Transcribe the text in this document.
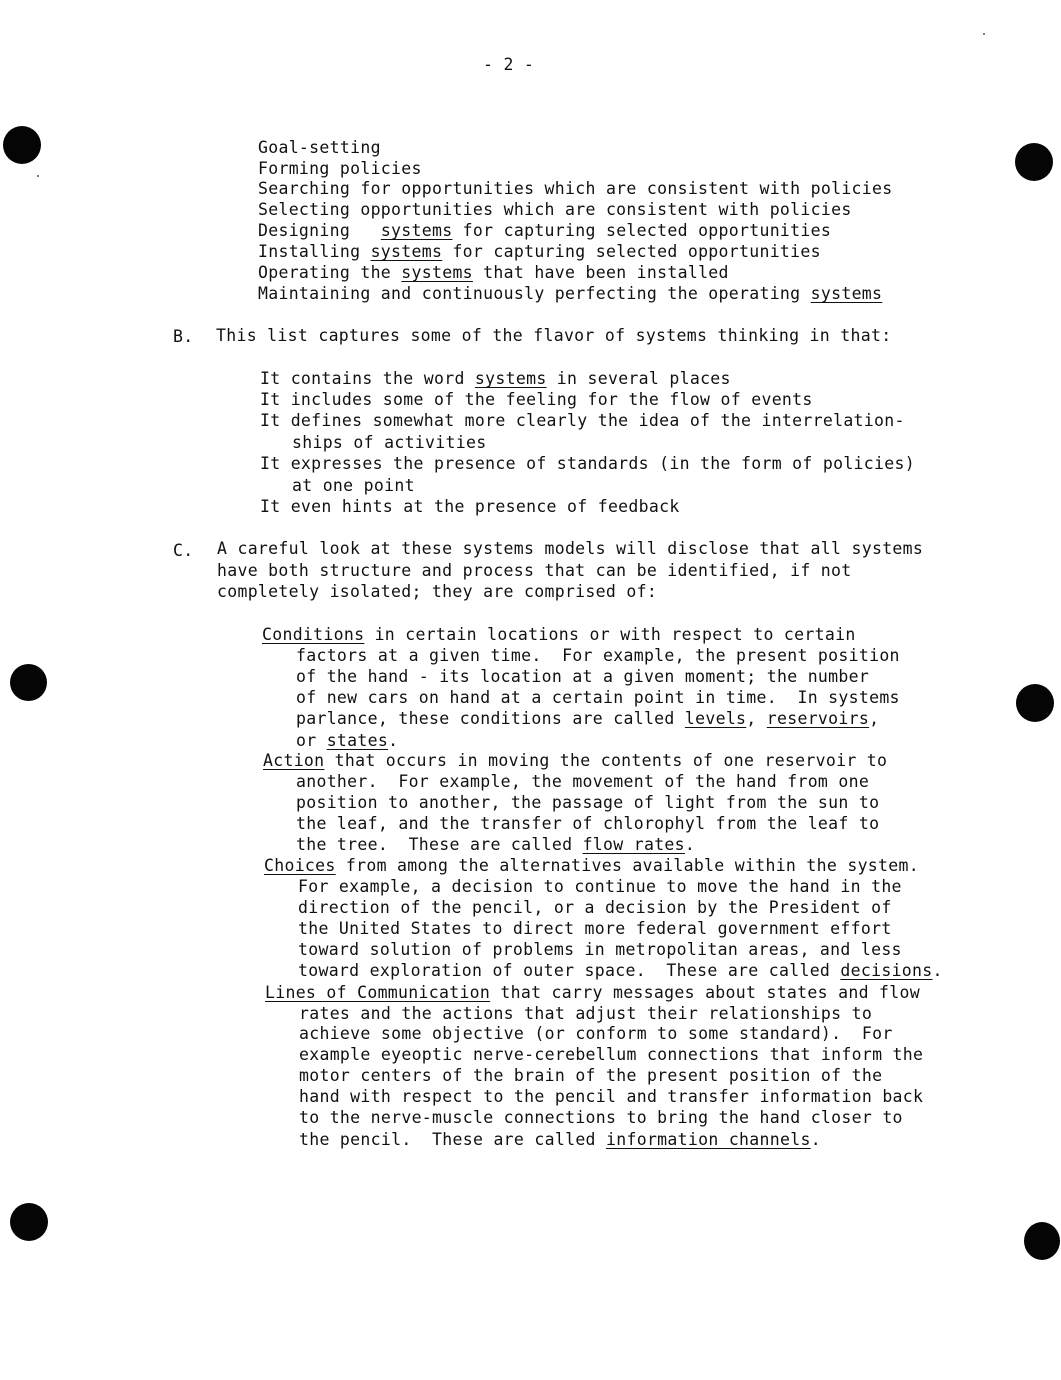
- 2 -
Goal-setting
Forming policies
Searching for opportunities which are consistent with policies
Selecting opportunities which are consistent with policies
Designing   systems for capturing selected opportunities
Installing systems for capturing selected opportunities
Operating the systems that have been installed
Maintaining and continuously perfecting the operating systems
B. This list captures some of the flavor of systems thinking in that:
It contains the word systems in several places
It includes some of the feeling for the flow of events
It defines somewhat more clearly the idea of the interrelation-
ships of activities
It expresses the presence of standards (in the form of policies)
at one point
It even hints at the presence of feedback
C. A careful look at these systems models will disclose that all systems
have both structure and process that can be identified, if not
completely isolated; they are comprised of:
Conditions in certain locations or with respect to certain
factors at a given time.  For example, the present position
of the hand - its location at a given moment; the number
of new cars on hand at a certain point in time.  In systems
parlance, these conditions are called levels, reservoirs,
or states.
Action that occurs in moving the contents of one reservoir to
another.  For example, the movement of the hand from one
position to another, the passage of light from the sun to
the leaf, and the transfer of chlorophyl from the leaf to
the tree.  These are called flow rates.
Choices from among the alternatives available within the system.
For example, a decision to continue to move the hand in the
direction of the pencil, or a decision by the President of
the United States to direct more federal government effort
toward solution of problems in metropolitan areas, and less
toward exploration of outer space.  These are called decisions.
Lines of Communication that carry messages about states and flow
rates and the actions that adjust their relationships to
achieve some objective (or conform to some standard).  For
example eyeoptic nerve-cerebellum connections that inform the
motor centers of the brain of the present position of the
hand with respect to the pencil and transfer information back
to the nerve-muscle connections to bring the hand closer to
the pencil.  These are called information channels.
